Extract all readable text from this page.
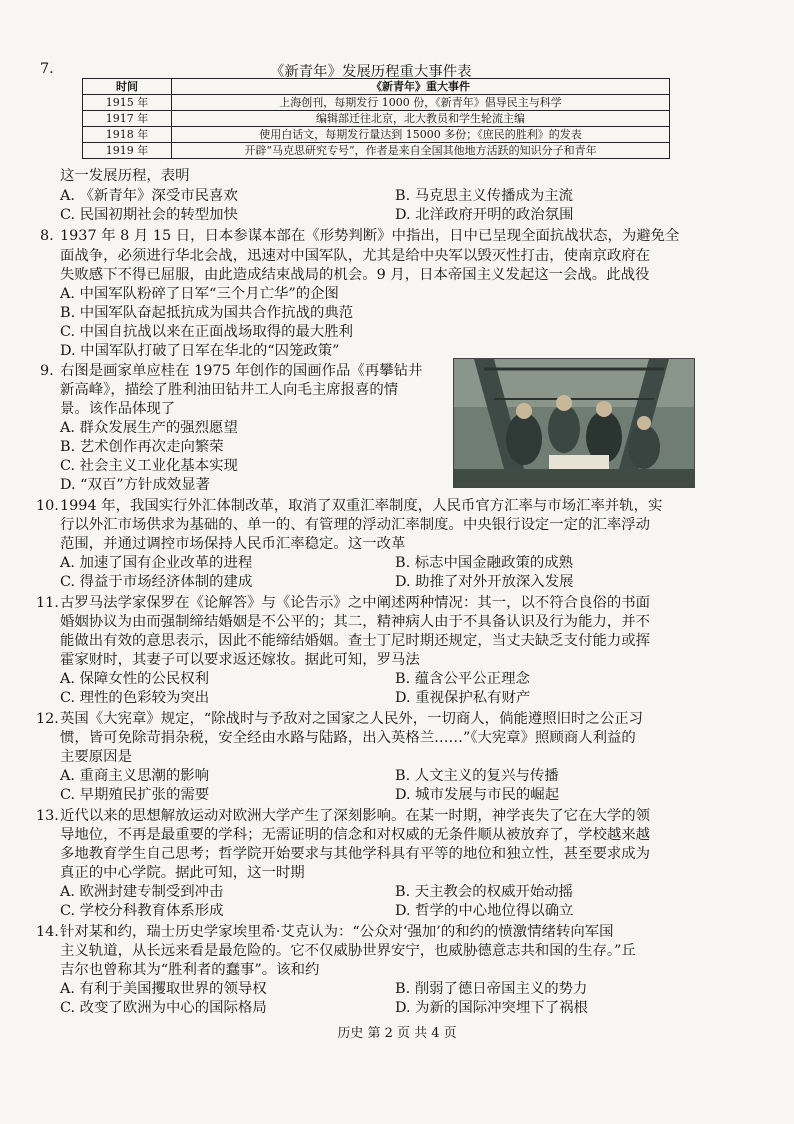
7.	《新青年》发展历程重大事件表
时间	《新青年》重大事件
1915 年	上海创刊，每期发行 1000 份，《新青年》倡导民主与科学
1917 年	编辑部迁往北京，北大教员和学生轮流主编
1918 年	使用白话文，每期发行量达到 15000 多份；《庶民的胜利》的发表
1919 年	开辟“马克思研究专号”，作者是来自全国其他地方活跃的知识分子和青年
这一发展历程，表明
A. 《新青年》深受市民喜欢	B. 马克思主义传播成为主流
C. 民国初期社会的转型加快	D. 北洋政府开明的政治氛围
8. 1937 年 8 月 15 日，日本参谋本部在《形势判断》中指出，日中已呈现全面抗战状态，为避免全
面战争，必须进行华北会战，迅速对中国军队，尤其是给中央军以毁灭性打击，使南京政府在
失败感下不得已屈服，由此造成结束战局的机会。9 月，日本帝国主义发起这一会战。此战役
A. 中国军队粉碎了日军“三个月亡华”的企图
B. 中国军队奋起抵抗成为国共合作抗战的典范
C. 中国自抗战以来在正面战场取得的最大胜利
D. 中国军队打破了日军在华北的“囚笼政策”
9. 右图是画家单应桂在 1975 年创作的国画作品《再攀钻井
新高峰》，描绘了胜利油田钻井工人向毛主席报喜的情
景。该作品体现了
A. 群众发展生产的强烈愿望
B. 艺术创作再次走向繁荣
C. 社会主义工业化基本实现
D. “双百”方针成效显著
10. 1994 年，我国实行外汇体制改革，取消了双重汇率制度，人民币官方汇率与市场汇率并轨，实
行以外汇市场供求为基础的、单一的、有管理的浮动汇率制度。中央银行设定一定的汇率浮动
范围，并通过调控市场保持人民币汇率稳定。这一改革
A. 加速了国有企业改革的进程	B. 标志中国金融政策的成熟
C. 得益于市场经济体制的建成	D. 助推了对外开放深入发展
11. 古罗马法学家保罗在《论解答》与《论告示》之中阐述两种情况：其一，以不符合良俗的书面
婚姻协议为由而强制缔结婚姻是不公平的；其二，精神病人由于不具备认识及行为能力，并不
能做出有效的意思表示，因此不能缔结婚姻。查士丁尼时期还规定，当丈夫缺乏支付能力或挥
霍家财时，其妻子可以要求返还嫁妆。据此可知，罗马法
A. 保障女性的公民权利	B. 蕴含公平公正理念
C. 理性的色彩较为突出	D. 重视保护私有财产
12. 英国《大宪章》规定，“除战时与予敌对之国家之人民外，一切商人，倘能遵照旧时之公正习
惯，皆可免除苛捐杂税，安全经由水路与陆路，出入英格兰……”《大宪章》照顾商人利益的
主要原因是
A. 重商主义思潮的影响	B. 人文主义的复兴与传播
C. 早期殖民扩张的需要	D. 城市发展与市民的崛起
13. 近代以来的思想解放运动对欧洲大学产生了深刻影响。在某一时期，神学丧失了它在大学的领
导地位，不再是最重要的学科；无需证明的信念和对权威的无条件顺从被放弃了，学校越来越
多地教育学生自己思考；哲学院开始要求与其他学科具有平等的地位和独立性，甚至要求成为
真正的中心学院。据此可知，这一时期
A. 欧洲封建专制受到冲击	B. 天主教会的权威开始动摇
C. 学校分科教育体系形成	D. 哲学的中心地位得以确立
14. 针对某和约，瑞士历史学家埃里希·艾克认为：“公众对‘强加’的和约的愤激情绪转向军国
主义轨道，从长远来看是最危险的。它不仅威胁世界安宁，也威胁德意志共和国的生存。”丘
吉尔也曾称其为“胜利者的蠢事”。该和约
A. 有利于美国攫取世界的领导权	B. 削弱了德日帝国主义的势力
C. 改变了欧洲为中心的国际格局	D. 为新的国际冲突埋下了祸根
历史 第 2 页 共 4 页
